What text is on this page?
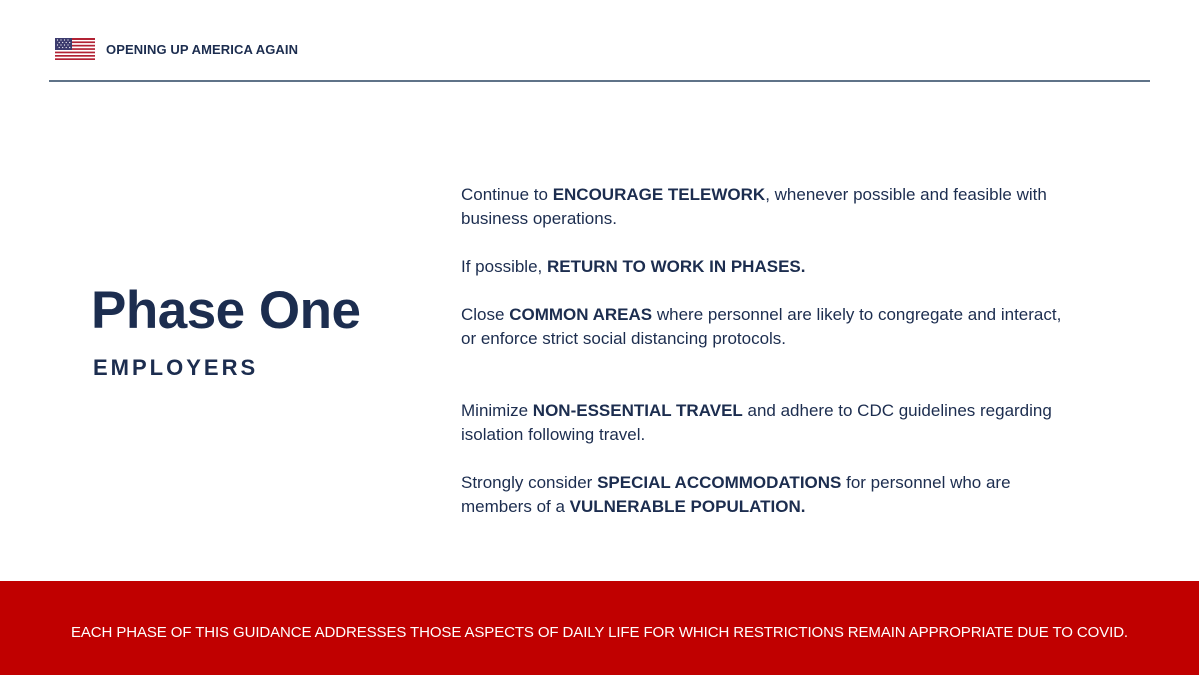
OPENING UP AMERICA AGAIN
Phase One
EMPLOYERS
Continue to ENCOURAGE TELEWORK, whenever possible and feasible with
business operations.
If possible, RETURN TO WORK IN PHASES.
Close COMMON AREAS where personnel are likely to congregate and interact,
or enforce strict social distancing protocols.
Minimize NON-ESSENTIAL TRAVEL and adhere to CDC guidelines regarding
isolation following travel.
Strongly consider SPECIAL ACCOMMODATIONS for personnel who are
members of a VULNERABLE POPULATION.
EACH PHASE OF THIS GUIDANCE ADDRESSES THOSE ASPECTS OF DAILY LIFE FOR WHICH RESTRICTIONS REMAIN APPROPRIATE DUE TO COVID.
